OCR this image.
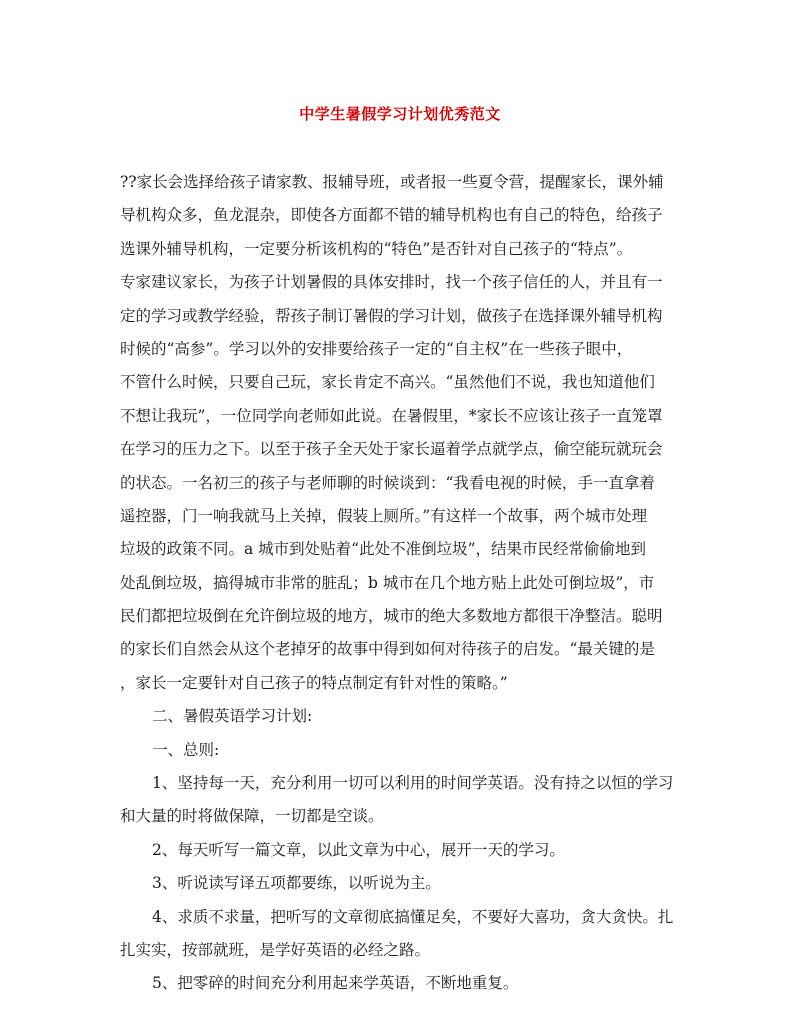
中学生暑假学习计划优秀范文
??家长会选择给孩子请家教、报辅导班，或者报一些夏令营，提醒家长，课外辅
导机构众多，鱼龙混杂，即使各方面都不错的辅导机构也有自己的特色，给孩子
选课外辅导机构，一定要分析该机构的“特色”是否针对自己孩子的“特点”。
专家建议家长，为孩子计划暑假的具体安排时，找一个孩子信任的人，并且有一
定的学习或教学经验，帮孩子制订暑假的学习计划，做孩子在选择课外辅导机构
时候的“高参”。学习以外的安排要给孩子一定的“自主权”在一些孩子眼中，
不管什么时候，只要自己玩，家长肯定不高兴。“虽然他们不说，我也知道他们
不想让我玩”，一位同学向老师如此说。在暑假里，*家长不应该让孩子一直笼罩
在学习的压力之下。以至于孩子全天处于家长逼着学点就学点，偷空能玩就玩会
的状态。一名初三的孩子与老师聊的时候谈到：“我看电视的时候，手一直拿着
遥控器，门一响我就马上关掉，假装上厕所。”有这样一个故事，两个城市处理
垃圾的政策不同。a 城市到处贴着“此处不准倒垃圾”，结果市民经常偷偷地到
处乱倒垃圾，搞得城市非常的脏乱；b 城市在几个地方贴上此处可倒垃圾”，市
民们都把垃圾倒在允许倒垃圾的地方，城市的绝大多数地方都很干净整洁。聪明
的家长们自然会从这个老掉牙的故事中得到如何对待孩子的启发。“最关键的是
，家长一定要针对自己孩子的特点制定有针对性的策略。”
二、暑假英语学习计划:
一、总则:
1、坚持每一天，充分利用一切可以利用的时间学英语。没有持之以恒的学习
和大量的时将做保障，一切都是空谈。
2、每天听写一篇文章，以此文章为中心，展开一天的学习。
3、听说读写译五项都要练，以听说为主。
4、求质不求量，把听写的文章彻底搞懂足矣，不要好大喜功，贪大贪快。扎
扎实实，按部就班，是学好英语的必经之路。
5、把零碎的时间充分利用起来学英语，不断地重复。
